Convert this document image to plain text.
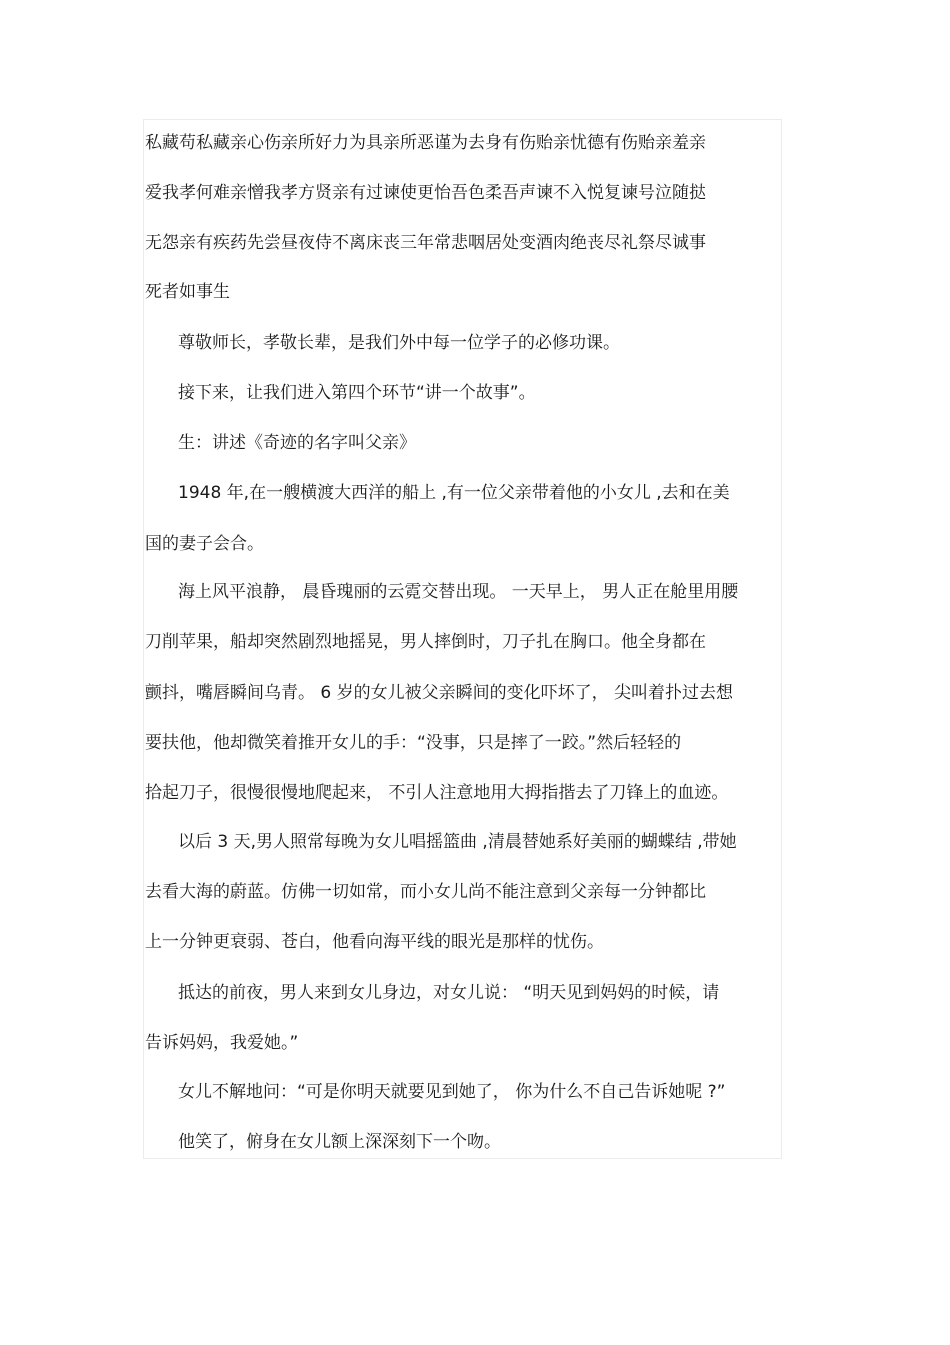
私藏苟私藏亲心伤亲所好力为具亲所恶谨为去身有伤贻亲忧德有伤贻亲羞亲
爱我孝何难亲憎我孝方贤亲有过谏使更怡吾色柔吾声谏不入悦复谏号泣随挞
无怨亲有疾药先尝昼夜侍不离床丧三年常悲咽居处变酒肉绝丧尽礼祭尽诚事
死者如事生
尊敬师长，孝敬长辈，是我们外中每一位学子的必修功课。
接下来，让我们进入第四个环节“讲一个故事”。
生：讲述《奇迹的名字叫父亲》
1948 年,在一艘横渡大西洋的船上 ,有一位父亲带着他的小女儿 ,去和在美
国的妻子会合。
海上风平浪静， 晨昏瑰丽的云霓交替出现。 一天早上， 男人正在舱里用腰
刀削苹果，船却突然剧烈地摇晃，男人摔倒时，刀子扎在胸口。他全身都在
颤抖，嘴唇瞬间乌青。 6 岁的女儿被父亲瞬间的变化吓坏了， 尖叫着扑过去想
要扶他，他却微笑着推开女儿的手：“没事，只是摔了一跤。”然后轻轻的
拾起刀子，很慢很慢地爬起来， 不引人注意地用大拇指揩去了刀锋上的血迹。
以后 3 天,男人照常每晚为女儿唱摇篮曲 ,清晨替她系好美丽的蝴蝶结 ,带她
去看大海的蔚蓝。仿佛一切如常，而小女儿尚不能注意到父亲每一分钟都比
上一分钟更衰弱、苍白，他看向海平线的眼光是那样的忧伤。
抵达的前夜，男人来到女儿身边，对女儿说： “明天见到妈妈的时候，请
告诉妈妈，我爱她。”
女儿不解地问：“可是你明天就要见到她了， 你为什么不自己告诉她呢 ?”
他笑了，俯身在女儿额上深深刻下一个吻。
